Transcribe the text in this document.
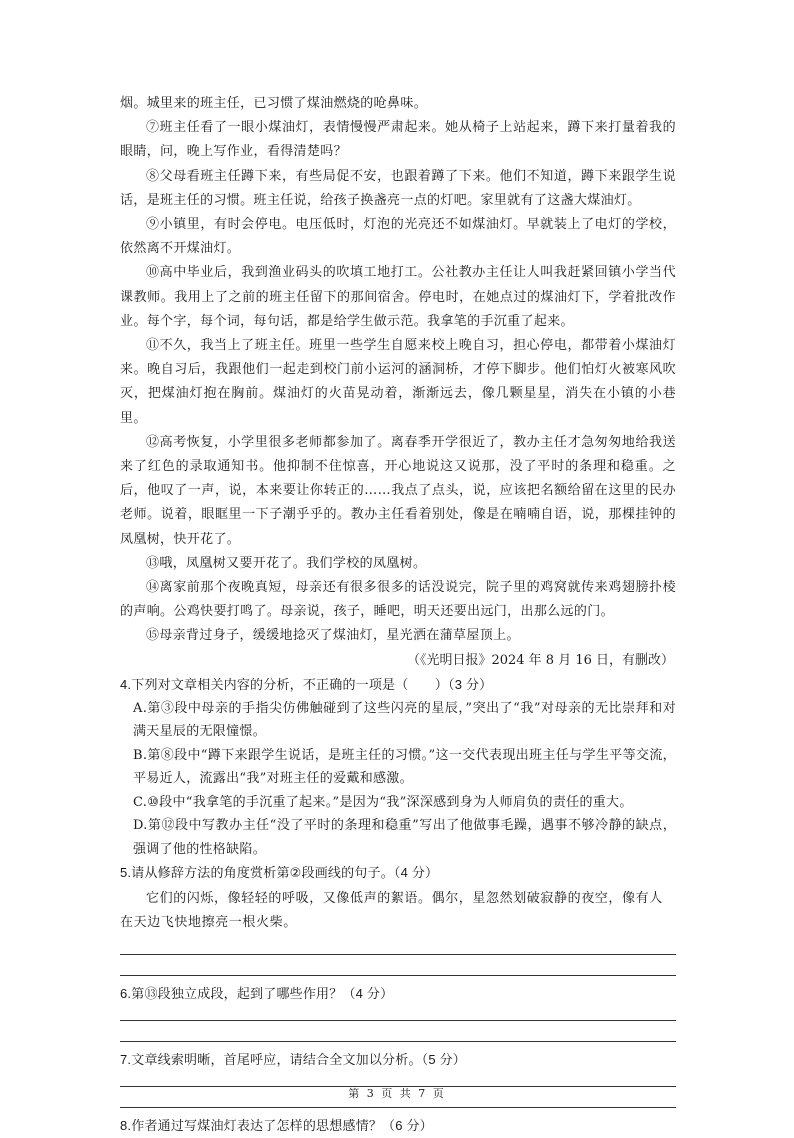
烟。城里来的班主任，已习惯了煤油燃烧的呛鼻味。

⑦班主任看了一眼小煤油灯，表情慢慢严肃起来。她从椅子上站起来，蹲下来打量着我的眼睛，问，晚上写作业，看得清楚吗？

⑧父母看班主任蹲下来，有些局促不安，也跟着蹲了下来。他们不知道，蹲下来跟学生说话，是班主任的习惯。班主任说，给孩子换盏亮一点的灯吧。家里就有了这盏大煤油灯。

⑨小镇里，有时会停电。电压低时，灯泡的光亮还不如煤油灯。早就装上了电灯的学校，依然离不开煤油灯。

⑩高中毕业后，我到渔业码头的吹填工地打工。公社教办主任让人叫我赶紧回镇小学当代课教师。我用上了之前的班主任留下的那间宿舍。停电时，在她点过的煤油灯下，学着批改作业。每个字，每个词，每句话，都是给学生做示范。我拿笔的手沉重了起来。

⑪不久，我当上了班主任。班里一些学生自愿来校上晚自习，担心停电，都带着小煤油灯来。晚自习后，我跟他们一起走到校门前小运河的涵洞桥，才停下脚步。他们怕灯火被寒风吹灭，把煤油灯抱在胸前。煤油灯的火苗晃动着，渐渐远去，像几颗星星，消失在小镇的小巷里。

⑫高考恢复，小学里很多老师都参加了。离春季开学很近了，教办主任才急匆匆地给我送来了红色的录取通知书。他抑制不住惊喜，开心地说这又说那，没了平时的条理和稳重。之后，他叹了一声，说，本来要让你转正的……我点了点头，说，应该把名额给留在这里的民办老师。说着，眼眶里一下子潮乎乎的。教办主任看着别处，像是在喃喃自语，说，那棵挂钟的凤凰树，快开花了。

⑬哦，凤凰树又要开花了。我们学校的凤凰树。

⑭离家前那个夜晚真短，母亲还有很多很多的话没说完，院子里的鸡窝就传来鸡翅膀扑棱的声响。公鸡快要打鸣了。母亲说，孩子，睡吧，明天还要出远门，出那么远的门。

⑮母亲背过身子，缓缓地捻灭了煤油灯，星光洒在蒲草屋顶上。

（《光明日报》2024 年 8 月 16 日，有删改）

4.下列对文章相关内容的分析，不正确的一项是（　　）（3 分）

A.第③段中母亲的手指尖仿佛触碰到了这些闪亮的星辰，”突出了“我”对母亲的无比崇拜和对满天星辰的无限憧憬。

B.第⑧段中“蹲下来跟学生说话，是班主任的习惯。”这一交代表现出班主任与学生平等交流，平易近人，流露出“我”对班主任的爱戴和感激。

C.⑩段中“我拿笔的手沉重了起来。”是因为“我”深深感到身为人师肩负的责任的重大。

D.第⑫段中写教办主任“没了平时的条理和稳重”写出了他做事毛躁，遇事不够冷静的缺点，强调了他的性格缺陷。

5.请从修辞方法的角度赏析第②段画线的句子。（4 分）

它们的闪烁，像轻轻的呼吸，又像低声的絮语。偶尔，星忽然划破寂静的夜空，像有人在天边飞快地擦亮一根火柴。

6.第⑬段独立成段，起到了哪些作用？（4 分）

7.文章线索明晰，首尾呼应，请结合全文加以分析。（5 分）

8.作者通过写煤油灯表达了怎样的思想感情？（6 分）

第 3 页 共 7 页
